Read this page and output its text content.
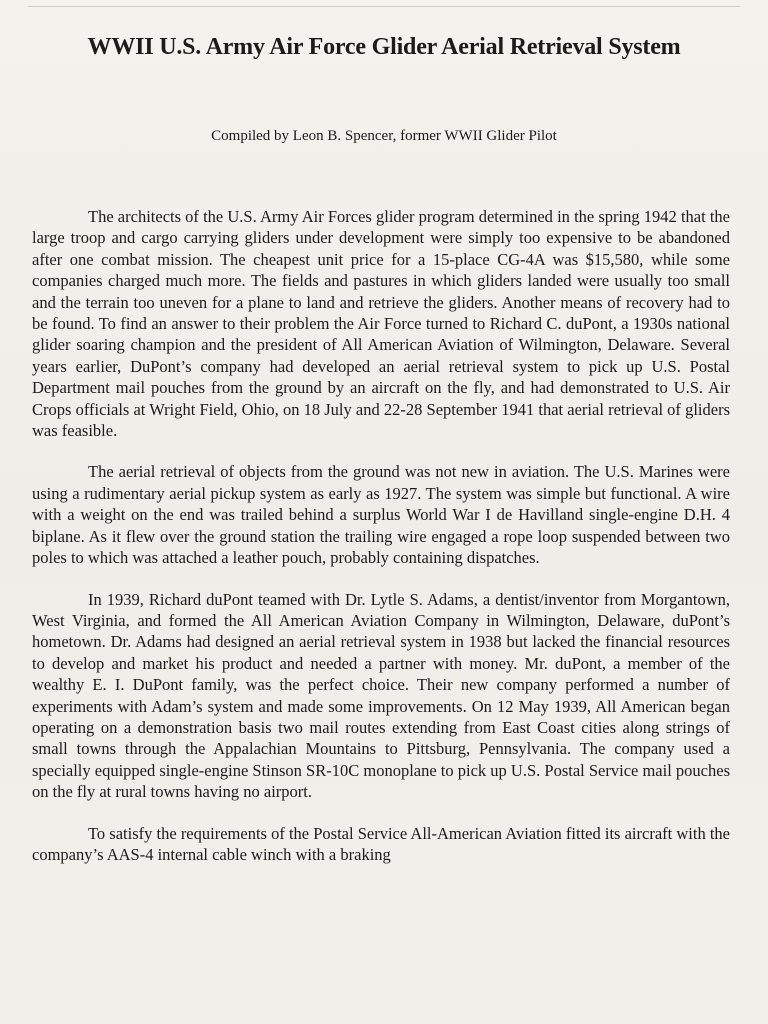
WWII U.S. Army Air Force Glider Aerial Retrieval System

Compiled by Leon B. Spencer, former WWII Glider Pilot

The architects of the U.S. Army Air Forces glider program determined in the spring 1942 that the large troop and cargo carrying gliders under development were simply too expensive to be abandoned after one combat mission. The cheapest unit price for a 15-place CG-4A was $15,580, while some companies charged much more. The fields and pastures in which gliders landed were usually too small and the terrain too uneven for a plane to land and retrieve the gliders. Another means of recovery had to be found. To find an answer to their problem the Air Force turned to Richard C. duPont, a 1930s national glider soaring champion and the president of All American Aviation of Wilmington, Delaware. Several years earlier, DuPont’s company had developed an aerial retrieval system to pick up U.S. Postal Department mail pouches from the ground by an aircraft on the fly, and had demonstrated to U.S. Air Crops officials at Wright Field, Ohio, on 18 July and 22-28 September 1941 that aerial retrieval of gliders was feasible.

The aerial retrieval of objects from the ground was not new in aviation. The U.S. Marines were using a rudimentary aerial pickup system as early as 1927. The system was simple but functional. A wire with a weight on the end was trailed behind a surplus World War I de Havilland single-engine D.H. 4 biplane. As it flew over the ground station the trailing wire engaged a rope loop suspended between two poles to which was attached a leather pouch, probably containing dispatches.

In 1939, Richard duPont teamed with Dr. Lytle S. Adams, a dentist/inventor from Morgantown, West Virginia, and formed the All American Aviation Company in Wilmington, Delaware, duPont’s hometown. Dr. Adams had designed an aerial retrieval system in 1938 but lacked the financial resources to develop and market his product and needed a partner with money. Mr. duPont, a member of the wealthy E. I. DuPont family, was the perfect choice. Their new company performed a number of experiments with Adam’s system and made some improvements. On 12 May 1939, All American began operating on a demonstration basis two mail routes extending from East Coast cities along strings of small towns through the Appalachian Mountains to Pittsburg, Pennsylvania. The company used a specially equipped single-engine Stinson SR-10C monoplane to pick up U.S. Postal Service mail pouches on the fly at rural towns having no airport.

To satisfy the requirements of the Postal Service All-American Aviation fitted its aircraft with the company’s AAS-4 internal cable winch with a braking
